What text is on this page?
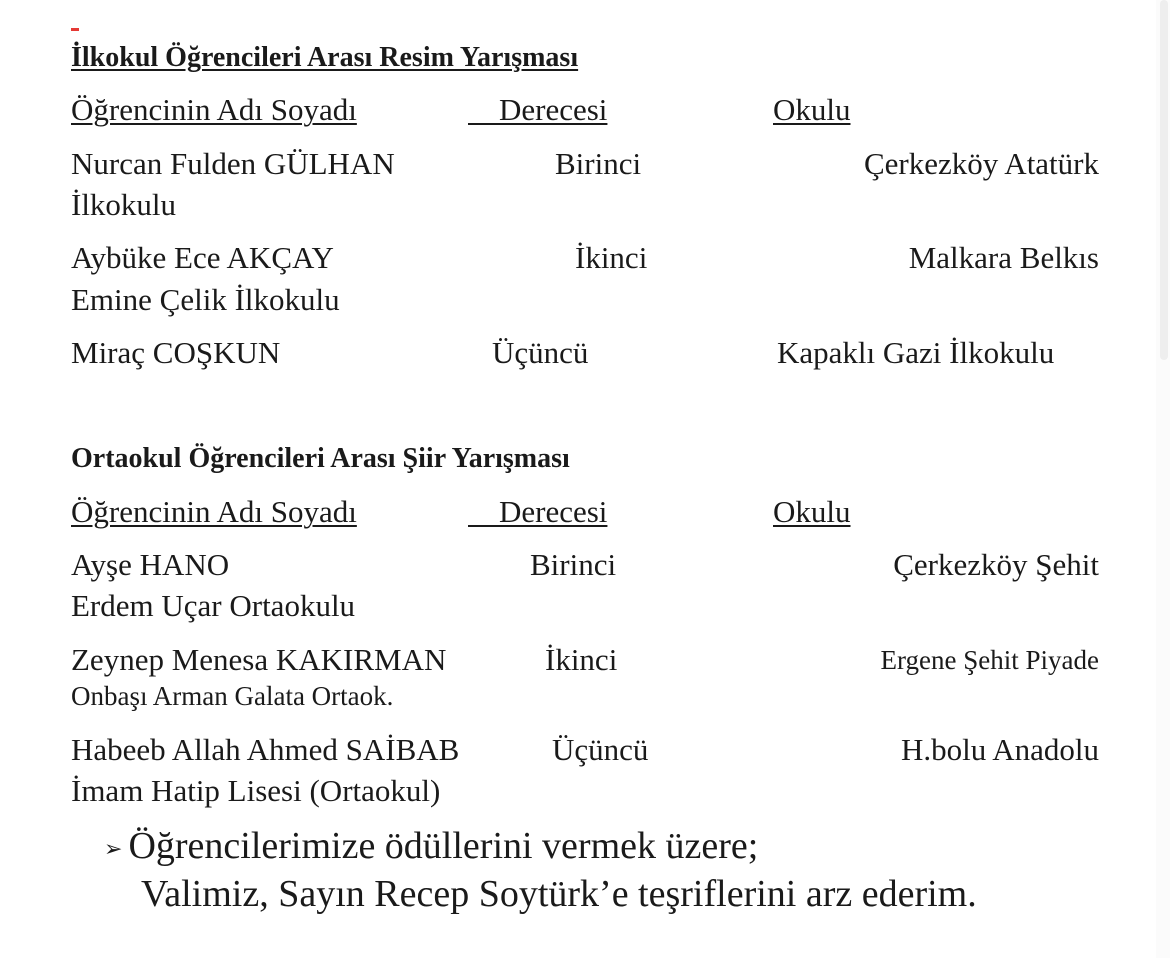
İlkokul Öğrencileri Arası Resim Yarışması
Öğrencinin Adı Soyadı	Derecesi	Okulu
Nurcan Fulden GÜLHAN	Birinci	Çerkezköy Atatürk
İlkokulu
Aybüke Ece AKÇAY	İkinci	Malkara Belkıs
Emine Çelik İlkokulu
Miraç COŞKUN	Üçüncü	Kapaklı Gazi İlkokulu
Ortaokul Öğrencileri Arası Şiir Yarışması
Öğrencinin Adı Soyadı	Derecesi	Okulu
Ayşe HANO	Birinci	Çerkezköy Şehit
Erdem Uçar Ortaokulu
Zeynep Menesa KAKIRMAN	İkinci	Ergene Şehit Piyade
Onbaşı Arman Galata Ortaok.
Habeeb Allah Ahmed SAİBAB	Üçüncü	H.bolu Anadolu
İmam Hatip Lisesi (Ortaokul)
➢ Öğrencilerimize ödüllerini vermek üzere;
Valimiz, Sayın Recep Soytürk’e teşriflerini arz ederim.
